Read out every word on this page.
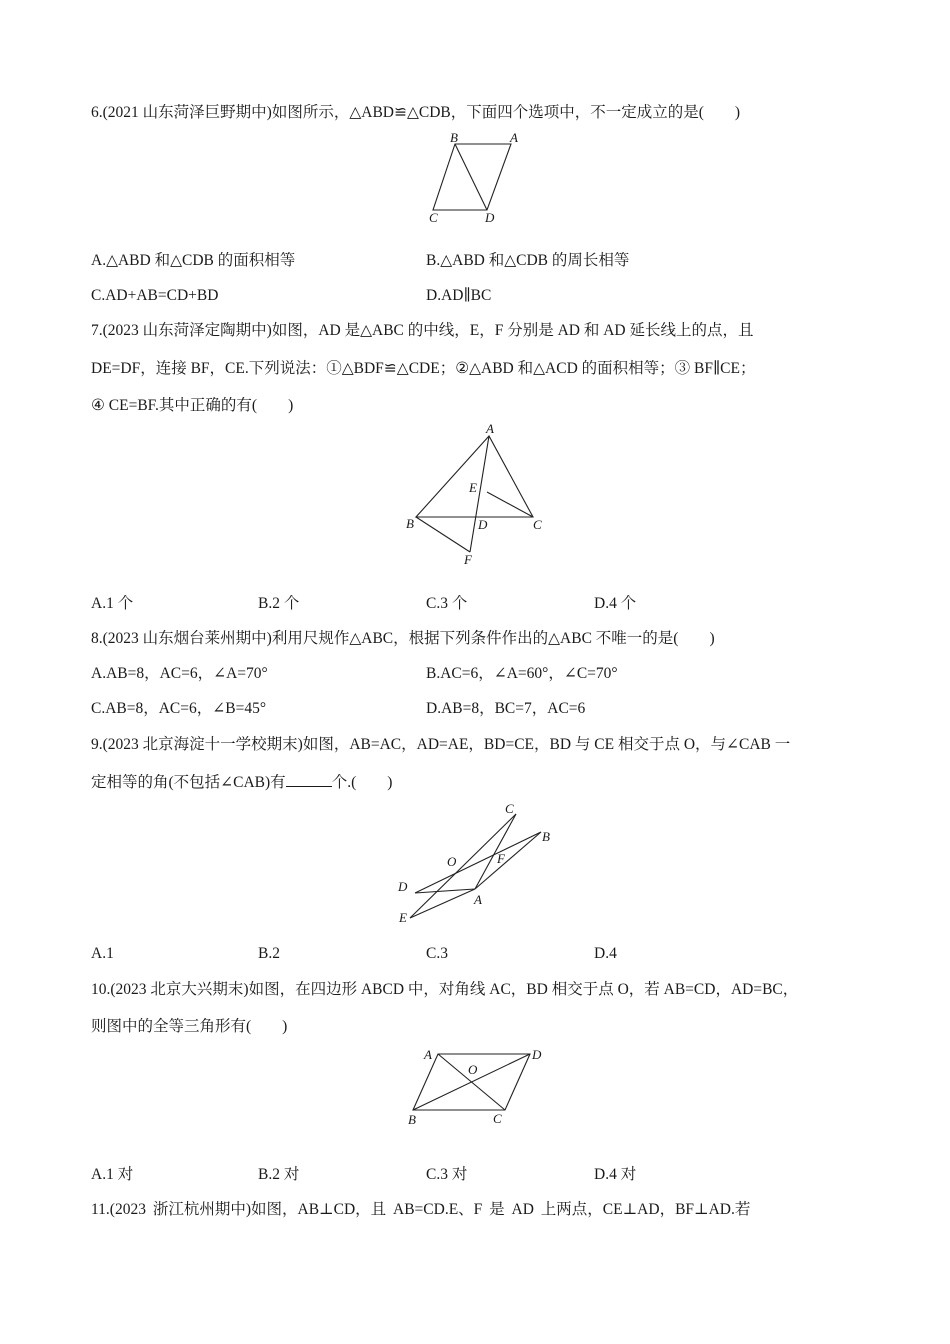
6.(2021 山东菏泽巨野期中)如图所示，△ABD≌△CDB，下面四个选项中，不一定成立的是(　　)
B	A
C	D
A.△ABD 和△CDB 的面积相等	B.△ABD 和△CDB 的周长相等
C.AD+AB=CD+BD	D.AD∥BC
7.(2023 山东菏泽定陶期中)如图，AD 是△ABC 的中线，E，F 分别是 AD 和 AD 延长线上的点，且
DE=DF，连接 BF，CE.下列说法：①△BDF≌△CDE；②△ABD 和△ACD 的面积相等；③ BF∥CE；
④ CE=BF.其中正确的有(　　)
A
E
B	D	C
F
A.1 个	B.2 个	C.3 个	D.4 个
8.(2023 山东烟台莱州期中)利用尺规作△ABC，根据下列条件作出的△ABC 不唯一的是(　　)
A.AB=8，AC=6，∠A=70°	B.AC=6，∠A=60°，∠C=70°
C.AB=8，AC=6，∠B=45°	D.AB=8，BC=7，AC=6
9.(2023 北京海淀十一学校期末)如图，AB=AC，AD=AE，BD=CE，BD 与 CE 相交于点 O，与∠CAB 一
定相等的角(不包括∠CAB)有	个.(　　)
C
B
O	F
D
A
E
A.1	B.2	C.3	D.4
10.(2023 北京大兴期末)如图，在四边形 ABCD 中，对角线 AC，BD 相交于点 O，若 AB=CD，AD=BC，
则图中的全等三角形有(　　)
A	D
O
B	C
A.1 对	B.2 对	C.3 对	D.4 对
11.(2023 浙江杭州期中)如图，AB⊥CD，且 AB=CD.E、F 是 AD 上两点，CE⊥AD，BF⊥AD.若
